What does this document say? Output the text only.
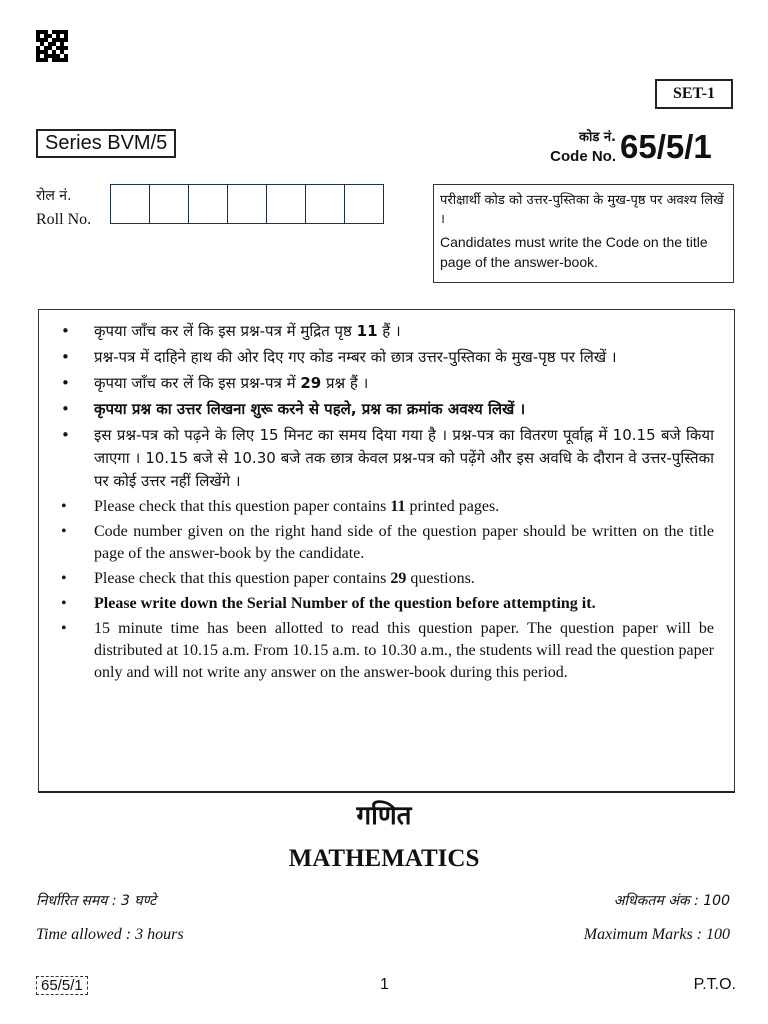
SET-1
Series BVM/5	कोड नं.
Code No. 65/5/1
रोल नं.
Roll No.
परीक्षार्थी कोड को उत्तर-पुस्तिका के मुख-पृष्ठ पर अवश्य लिखें ।
Candidates must write the Code on the title page of the answer-book.
• कृपया जाँच कर लें कि इस प्रश्न-पत्र में मुद्रित पृष्ठ 11 हैं ।
• प्रश्न-पत्र में दाहिने हाथ की ओर दिए गए कोड नम्बर को छात्र उत्तर-पुस्तिका के मुख-पृष्ठ पर लिखें ।
• कृपया जाँच कर लें कि इस प्रश्न-पत्र में 29 प्रश्न हैं ।
• कृपया प्रश्न का उत्तर लिखना शुरू करने से पहले, प्रश्न का क्रमांक अवश्य लिखें ।
• इस प्रश्न-पत्र को पढ़ने के लिए 15 मिनट का समय दिया गया है । प्रश्न-पत्र का वितरण पूर्वाह्न में 10.15 बजे किया जाएगा । 10.15 बजे से 10.30 बजे तक छात्र केवल प्रश्न-पत्र को पढ़ेंगे और इस अवधि के दौरान वे उत्तर-पुस्तिका पर कोई उत्तर नहीं लिखेंगे ।
• Please check that this question paper contains 11 printed pages.
• Code number given on the right hand side of the question paper should be written on the title page of the answer-book by the candidate.
• Please check that this question paper contains 29 questions.
• Please write down the Serial Number of the question before attempting it.
• 15 minute time has been allotted to read this question paper. The question paper will be distributed at 10.15 a.m. From 10.15 a.m. to 10.30 a.m., the students will read the question paper only and will not write any answer on the answer-book during this period.
गणित
MATHEMATICS
निर्धारित समय : 3 घण्टे	अधिकतम अंक : 100
Time allowed : 3 hours	Maximum Marks : 100
65/5/1	1	P.T.O.
